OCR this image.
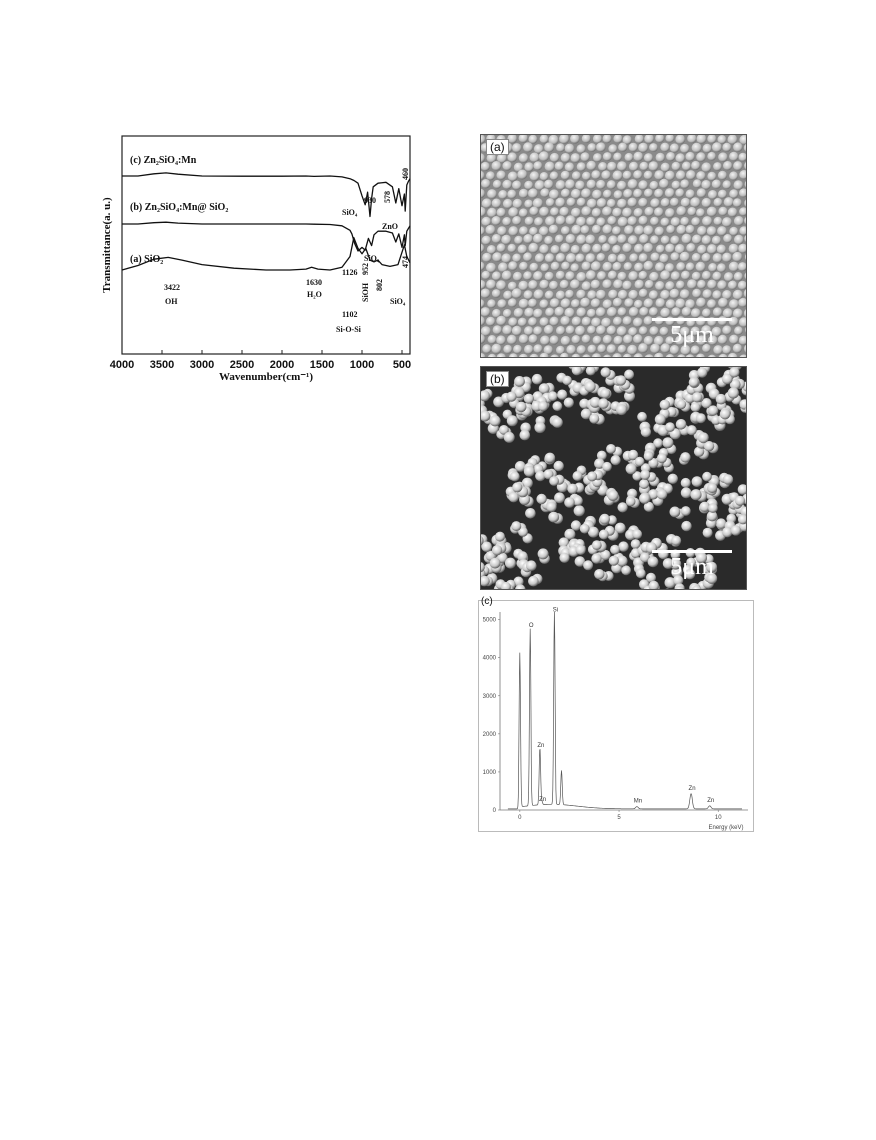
4000 3500 3000 2500 2000 1500 1000 500
(c) Zn₂SiO₄:Mn
(b) Zn₂SiO₄:Mn@ SiO₂
(a) SiO₂
3422
OH
1630
H₂O
1102
Si-O-Si
1126 952
SiOH 802
SiO₄
SiO₄
SiO₄
930 578
ZnO
460
474
Wavenumber(cm⁻¹)
Transmittance(a. u.)
(a)
5μm
(b)
5μm
(c)
0
1000
2000
3000
4000
5000
0	5	10
O
Zn
Zn
Si
Mn
Zn
Zn
Energy (keV)
